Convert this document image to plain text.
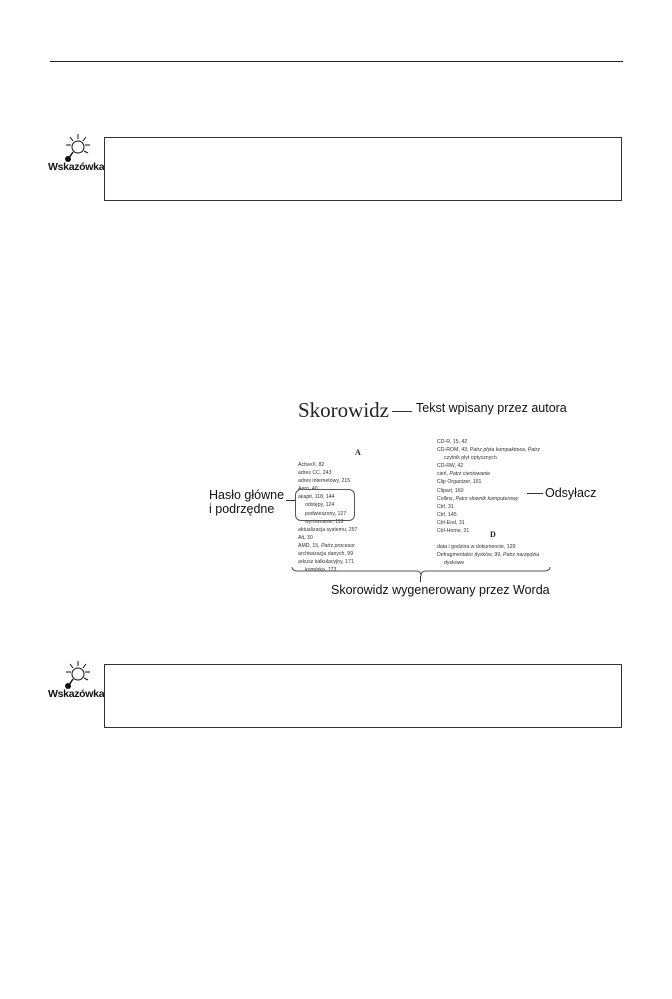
Wskazówka
Skorowidz Tekst wpisany przez autora
A
ActiveX, 82
adres CC, 243
adres internetowy, 215
Aero, 40
akapit, 118, 144
odstępy, 124
podwieszony, 127
wyrównanie, 119
aktualizacja systemu, 257
Alt, 30
AMD, 15, Patrz procesor
archiwizacja danych, 99
arkusz kalkulacyjny, 171
komórka, 173
Hasło główne
i podrzędne
CD-R, 15, 42
CD-ROM, 43, Patrz płyta kompaktowa, Patrz
czytnik płyt optycznych
CD-RW, 42
cień, Patrz cieniowanie
Clip Organizer, 161
Clipart, 160
Collins, Patrz słownik komputerowy
Ctrl, 31
Ctrl, 145
Ctrl-End, 31
Ctrl-Home, 31	D
data i godzina w dokumencie, 129
Defragmentator dysków, 99, Patrz narzędzia
dyskowe
Odsyłacz
Skorowidz wygenerowany przez Worda
Wskazówka
